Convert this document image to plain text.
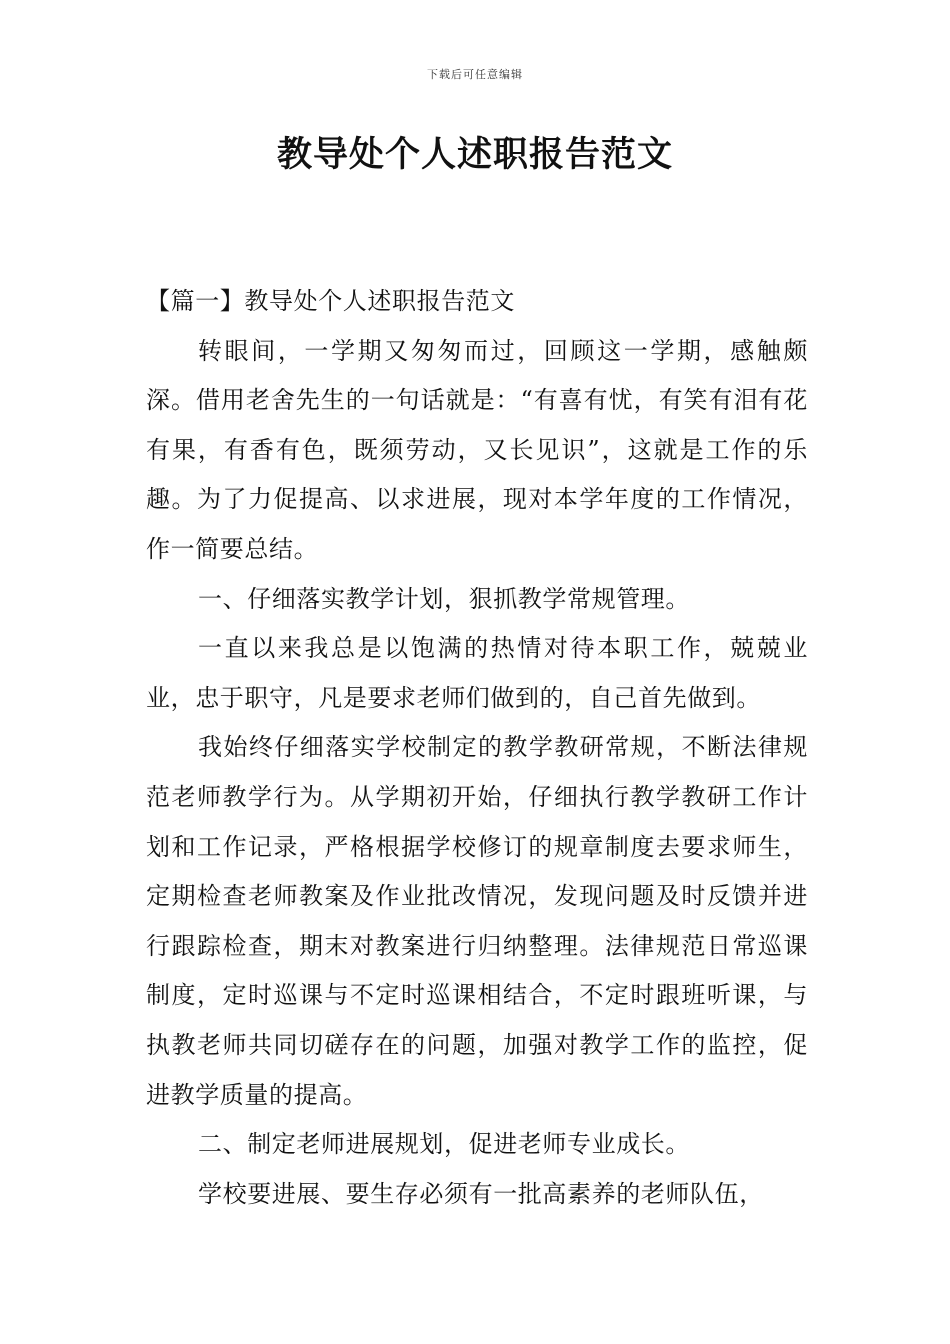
下载后可任意编辑
教导处个人述职报告范文

【篇一】教导处个人述职报告范文

转眼间，一学期又匆匆而过，回顾这一学期，感触颇深。借用老舍先生的一句话就是：“有喜有忧，有笑有泪有花有果，有香有色，既须劳动，又长见识”，这就是工作的乐趣。为了力促提高、以求进展，现对本学年度的工作情况，作一简要总结。

一、仔细落实教学计划，狠抓教学常规管理。

一直以来我总是以饱满的热情对待本职工作，兢兢业业，忠于职守，凡是要求老师们做到的，自己首先做到。

我始终仔细落实学校制定的教学教研常规，不断法律规范老师教学行为。从学期初开始，仔细执行教学教研工作计划和工作记录，严格根据学校修订的规章制度去要求师生，定期检查老师教案及作业批改情况，发现问题及时反馈并进行跟踪检查，期末对教案进行归纳整理。法律规范日常巡课制度，定时巡课与不定时巡课相结合，不定时跟班听课，与执教老师共同切磋存在的问题，加强对教学工作的监控，促进教学质量的提高。

二、制定老师进展规划，促进老师专业成长。

学校要进展、要生存必须有一批高素养的老师队伍，
